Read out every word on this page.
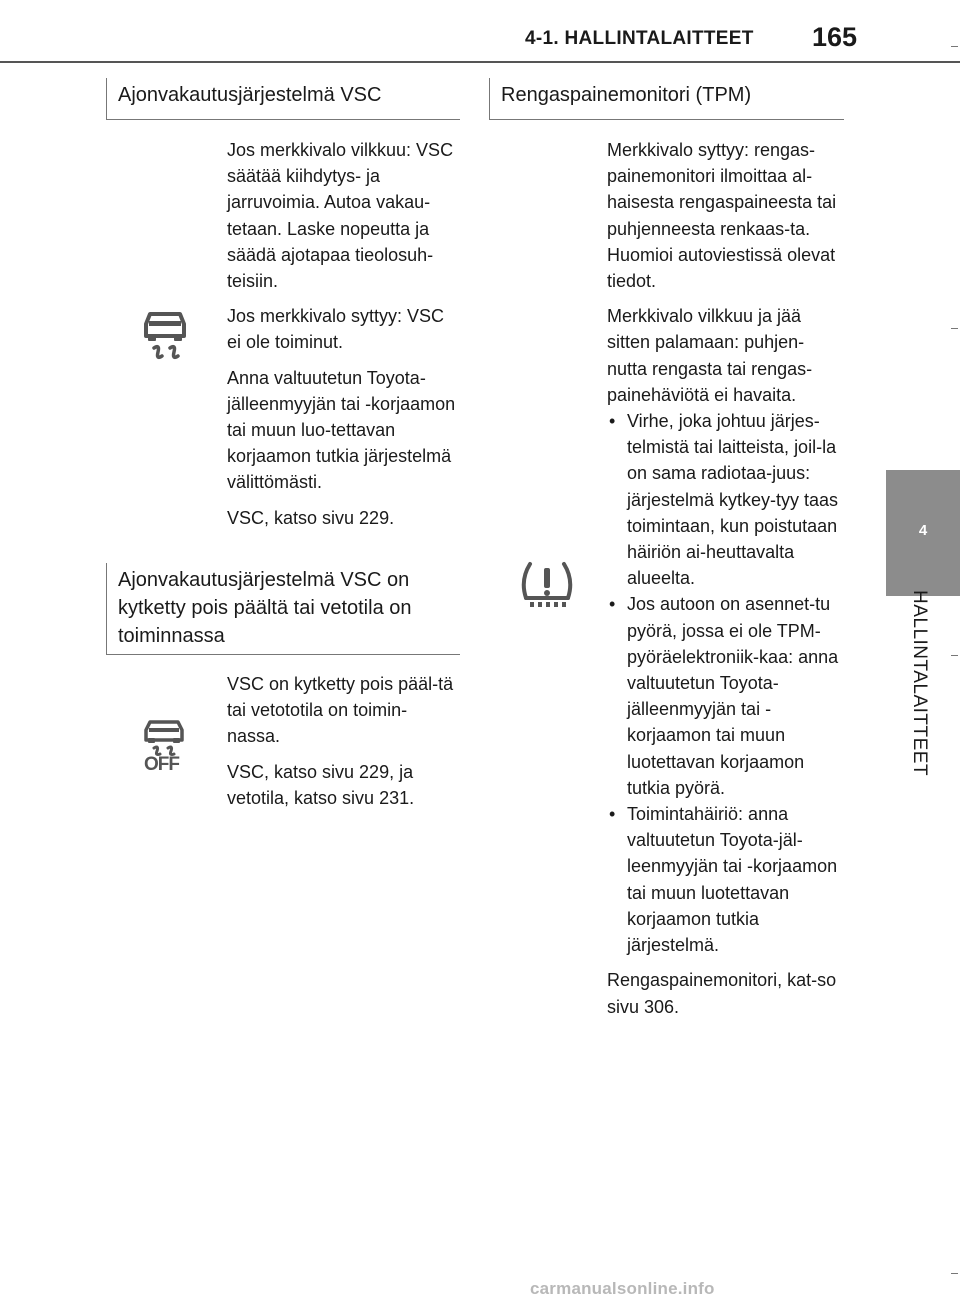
4-1. HALLINTALAITTEET 165
4
HALLINTALAITTEET
Ajonvakautusjärjestelmä VSC

Jos merkkivalo vilkkuu: VSC säätää kiihdytys- ja jarruvoimia. Autoa vakau-tetaan. Laske nopeutta ja säädä ajotapaa tieolosuh-teisiin.

Jos merkkivalo syttyy: VSC ei ole toiminut.

Anna valtuutetun Toyota-jälleenmyyjän tai -korjaamon tai muun luo-tettavan korjaamon tutkia järjestelmä välittömästi.

VSC, katso sivu 229.

Ajonvakautusjärjestelmä VSC on kytketty pois päältä tai vetotila on toiminnassa
OFF

VSC on kytketty pois pääl-tä tai vetototila on toimin-nassa.

VSC, katso sivu 229, ja vetotila, katso sivu 231.

Rengaspainemonitori (TPM)

Merkkivalo syttyy: rengas-painemonitori ilmoittaa al-haisesta rengaspaineesta tai puhjenneesta renkaas-ta. Huomioi autoviestissä olevat tiedot.

Merkkivalo vilkkuu ja jää sitten palamaan: puhjen-nutta rengasta tai rengas-painehäviötä ei havaita.

• Virhe, joka johtuu järjes-telmistä tai laitteista, joil-la on sama radiotaa-juus: järjestelmä kytkey-tyy taas toimintaan, kun poistutaan häiriön ai-heuttavalta alueelta.

• Jos autoon on asennet-tu pyörä, jossa ei ole TPM-pyöräelektroniik-kaa: anna valtuutetun Toyota-jälleenmyyjän tai -korjaamon tai muun luotettavan korjaamon tutkia pyörä.

• Toimintahäiriö: anna valtuutetun Toyota-jäl-leenmyyjän tai -korjaamon tai muun luotettavan korjaamon tutkia järjestelmä.

Rengaspainemonitori, kat-so sivu 306.

carmanualsonline.info
